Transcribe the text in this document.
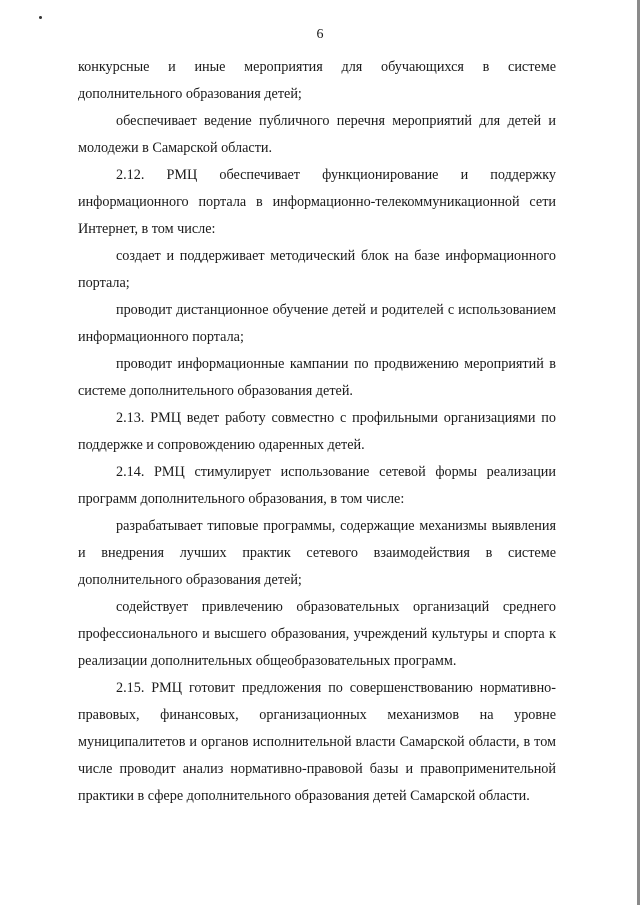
6

конкурсные и иные мероприятия для обучающихся в системе дополнительного образования детей;

обеспечивает ведение публичного перечня мероприятий для детей и молодежи в Самарской области.

2.12. РМЦ обеспечивает функционирование и поддержку информационного портала в информационно-телекоммуникационной сети Интернет, в том числе:

создает и поддерживает методический блок на базе информационного портала;

проводит дистанционное обучение детей и родителей с использованием информационного портала;

проводит информационные кампании по продвижению мероприятий в системе дополнительного образования детей.

2.13. РМЦ ведет работу совместно с профильными организациями по поддержке и сопровождению одаренных детей.

2.14. РМЦ стимулирует использование сетевой формы реализации программ дополнительного образования, в том числе:

разрабатывает типовые программы, содержащие механизмы выявления и внедрения лучших практик сетевого взаимодействия в системе дополнительного образования детей;

содействует привлечению образовательных организаций среднего профессионального и высшего образования, учреждений культуры и спорта к реализации дополнительных общеобразовательных программ.

2.15. РМЦ готовит предложения по совершенствованию нормативно-правовых, финансовых, организационных механизмов на уровне муниципалитетов и органов исполнительной власти Самарской области, в том числе проводит анализ нормативно-правовой базы и правоприменительной практики в сфере дополнительного образования детей Самарской области.
